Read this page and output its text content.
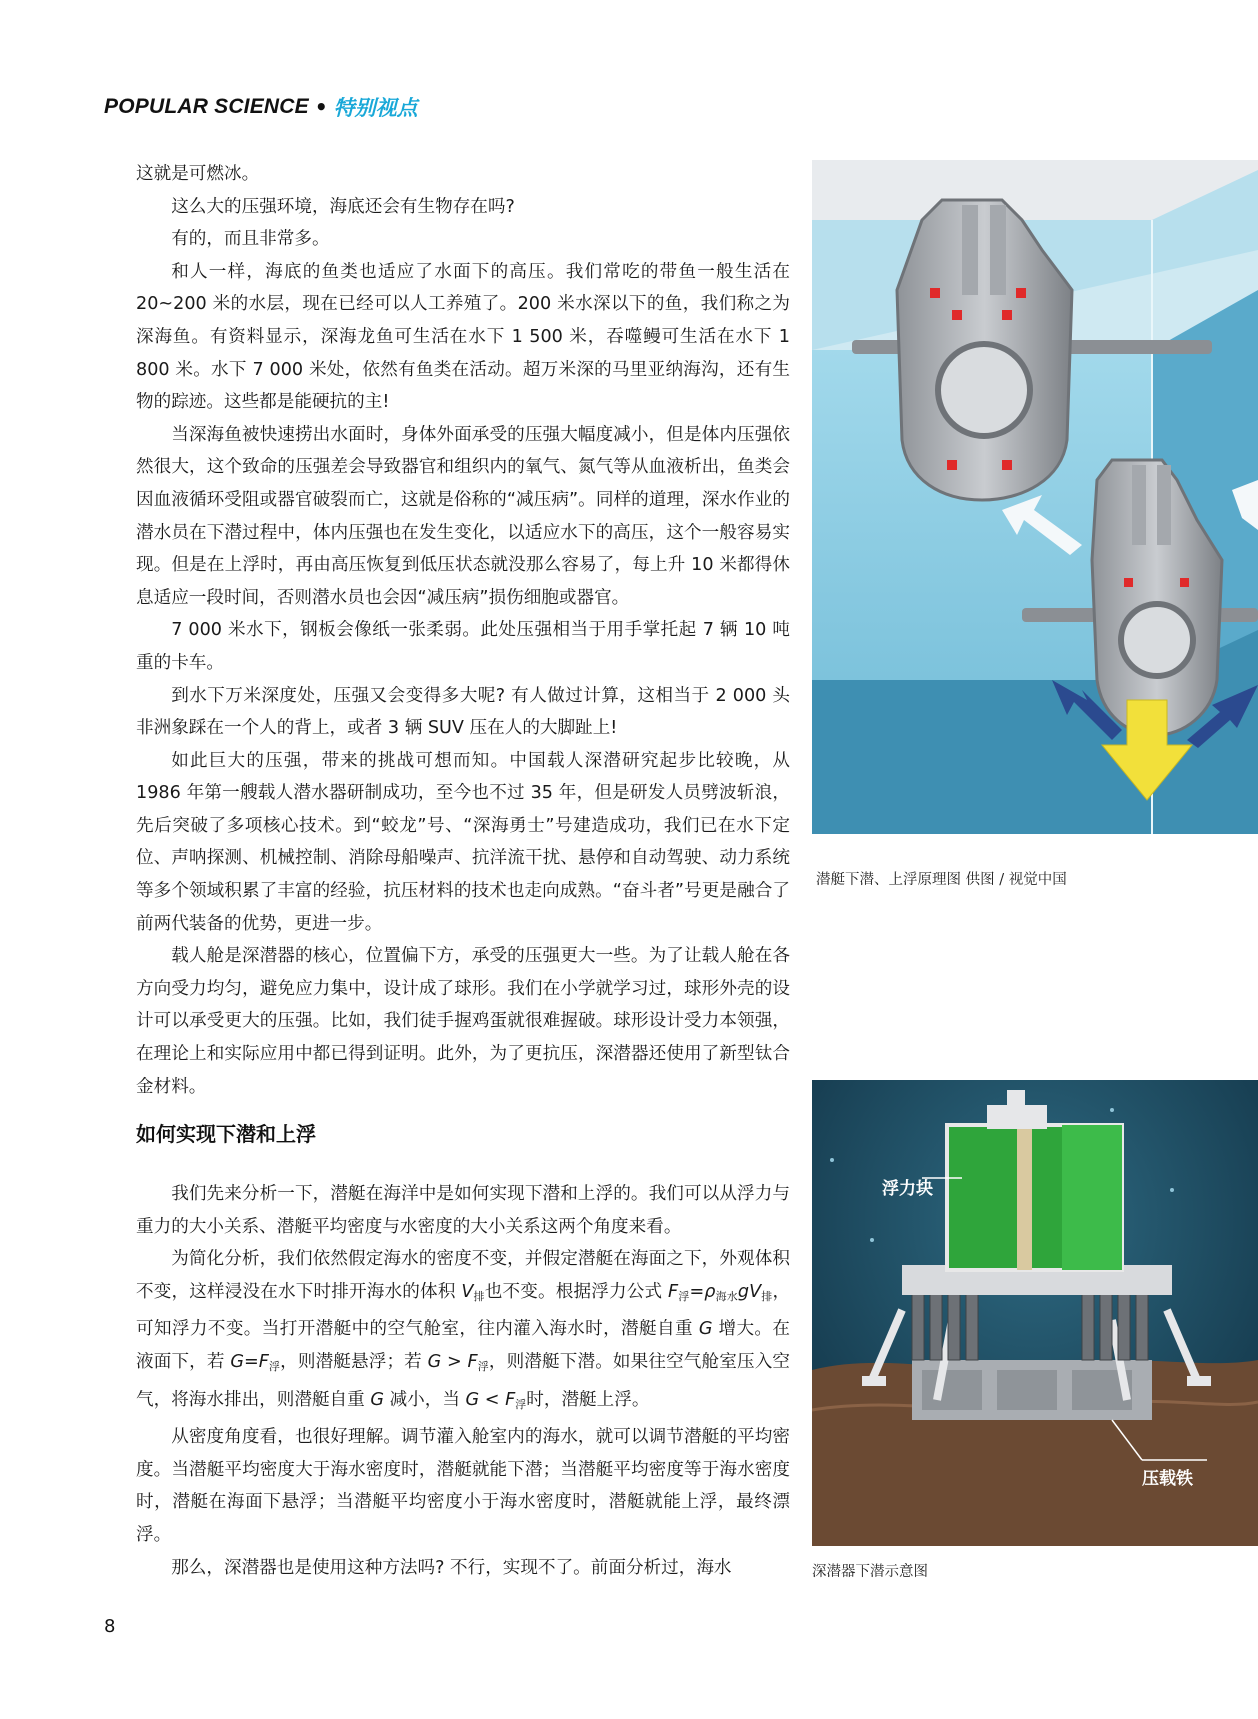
POPULAR SCIENCE • 特别视点

这就是可燃冰。

这么大的压强环境，海底还会有生物存在吗?

有的，而且非常多。

和人一样，海底的鱼类也适应了水面下的高压。我们常吃的带鱼一般生活在 20~200 米的水层，现在已经可以人工养殖了。200 米水深以下的鱼，我们称之为深海鱼。有资料显示，深海龙鱼可生活在水下 1 500 米，吞噬鳗可生活在水下 1 800 米。水下 7 000 米处，依然有鱼类在活动。超万米深的马里亚纳海沟，还有生物的踪迹。这些都是能硬抗的主!

当深海鱼被快速捞出水面时，身体外面承受的压强大幅度减小，但是体内压强依然很大，这个致命的压强差会导致器官和组织内的氧气、氮气等从血液析出，鱼类会因血液循环受阻或器官破裂而亡，这就是俗称的“减压病”。同样的道理，深水作业的潜水员在下潜过程中，体内压强也在发生变化，以适应水下的高压，这个一般容易实现。但是在上浮时，再由高压恢复到低压状态就没那么容易了，每上升 10 米都得休息适应一段时间，否则潜水员也会因“减压病”损伤细胞或器官。

7 000 米水下，钢板会像纸一张柔弱。此处压强相当于用手掌托起 7 辆 10 吨重的卡车。

到水下万米深度处，压强又会变得多大呢? 有人做过计算，这相当于 2 000 头非洲象踩在一个人的背上，或者 3 辆 SUV 压在人的大脚趾上!

如此巨大的压强，带来的挑战可想而知。中国载人深潜研究起步比较晚，从 1986 年第一艘载人潜水器研制成功，至今也不过 35 年，但是研发人员劈波斩浪，先后突破了多项核心技术。到“蛟龙”号、“深海勇士”号建造成功，我们已在水下定位、声呐探测、机械控制、消除母船噪声、抗洋流干扰、悬停和自动驾驶、动力系统等多个领域积累了丰富的经验，抗压材料的技术也走向成熟。“奋斗者”号更是融合了前两代装备的优势，更进一步。

载人舱是深潜器的核心，位置偏下方，承受的压强更大一些。为了让载人舱在各方向受力均匀，避免应力集中，设计成了球形。我们在小学就学习过，球形外壳的设计可以承受更大的压强。比如，我们徒手握鸡蛋就很难握破。球形设计受力本领强，在理论上和实际应用中都已得到证明。此外，为了更抗压，深潜器还使用了新型钛合金材料。

如何实现下潜和上浮

我们先来分析一下，潜艇在海洋中是如何实现下潜和上浮的。我们可以从浮力与重力的大小关系、潜艇平均密度与水密度的大小关系这两个角度来看。

为简化分析，我们依然假定海水的密度不变，并假定潜艇在海面之下，外观体积不变，这样浸没在水下时排开海水的体积 $V_排$也不变。根据浮力公式 $F_浮=\rho_{海水}gV_排$，可知浮力不变。当打开潜艇中的空气舱室，往内灌入海水时，潜艇自重 G 增大。在液面下，若 $G=F_浮$，则潜艇悬浮；若 $G > F_浮$，则潜艇下潜。如果往空气舱室压入空气，将海水排出，则潜艇自重 G 减小，当 $G < F_浮$时，潜艇上浮。

从密度角度看，也很好理解。调节灌入舱室内的海水，就可以调节潜艇的平均密度。当潜艇平均密度大于海水密度时，潜艇就能下潜；当潜艇平均密度等于海水密度时，潜艇在海面下悬浮；当潜艇平均密度小于海水密度时，潜艇就能上浮，最终漂浮。

那么，深潜器也是使用这种方法吗? 不行，实现不了。前面分析过，海水

潜艇下潜、上浮原理图 供图 / 视觉中国
浮力块
压载铁
深潜器下潜示意图
8
